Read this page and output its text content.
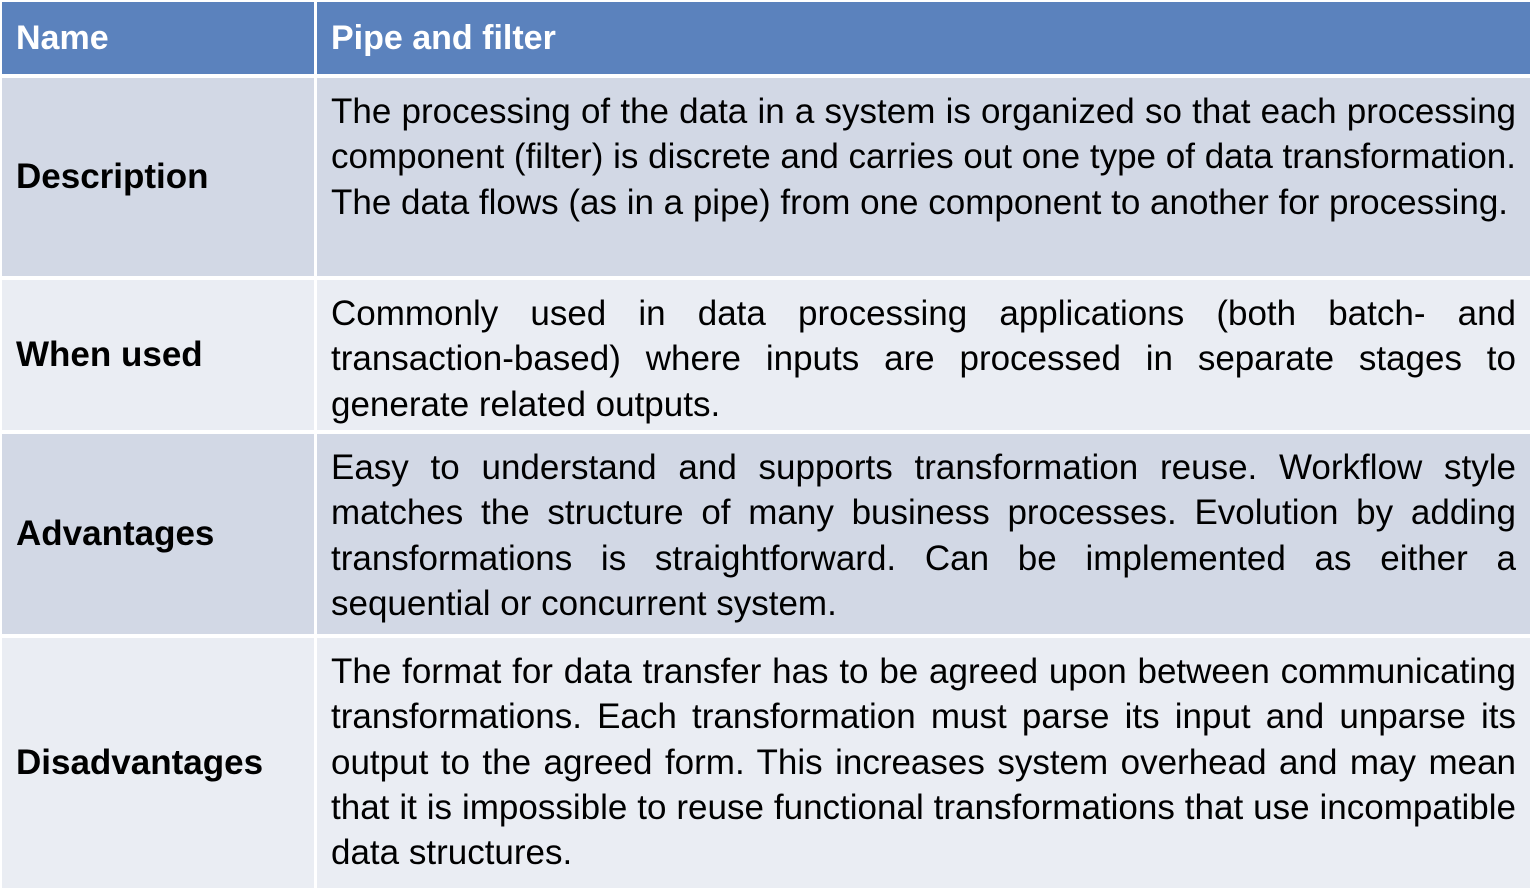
Name	Pipe and filter
Description
The processing of the data in a system is organized so that each processing component (filter) is discrete and carries out one type of data transformation. The data flows (as in a pipe) from one component to another for processing.
When used
Commonly used in data processing applications (both batch- and transaction-based) where inputs are processed in separate stages to generate related outputs.
Advantages
Easy to understand and supports transformation reuse. Workflow style matches the structure of many business processes. Evolution by adding transformations is straightforward. Can be implemented as either a sequential or concurrent system.
Disadvantages
The format for data transfer has to be agreed upon between communicating transformations. Each transformation must parse its input and unparse its output to the agreed form. This increases system overhead and may mean that it is impossible to reuse functional transformations that use incompatible data structures.
